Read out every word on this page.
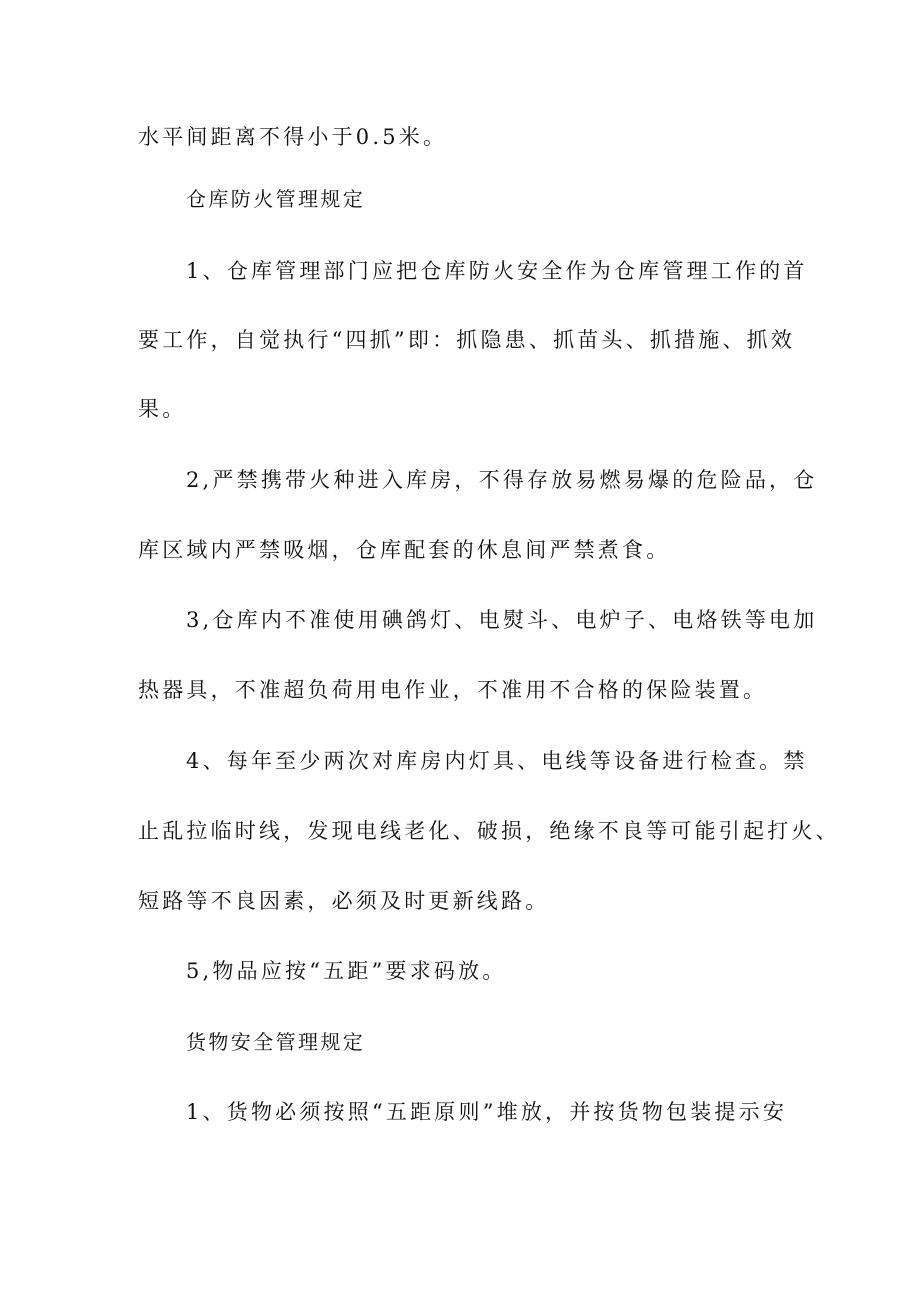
水平间距离不得小于0.5米。
仓库防火管理规定
1、仓库管理部门应把仓库防火安全作为仓库管理工作的首
要工作，自觉执行“四抓”即：抓隐患、抓苗头、抓措施、抓效
果。
2,严禁携带火种进入库房，不得存放易燃易爆的危险品，仓
库区域内严禁吸烟，仓库配套的休息间严禁煮食。
3,仓库内不准使用碘鸽灯、电熨斗、电炉子、电烙铁等电加
热器具，不准超负荷用电作业，不准用不合格的保险装置。
4、每年至少两次对库房内灯具、电线等设备进行检查。禁
止乱拉临时线，发现电线老化、破损，绝缘不良等可能引起打火、
短路等不良因素，必须及时更新线路。
5,物品应按“五距”要求码放。
货物安全管理规定
1、货物必须按照“五距原则”堆放，并按货物包装提示安
